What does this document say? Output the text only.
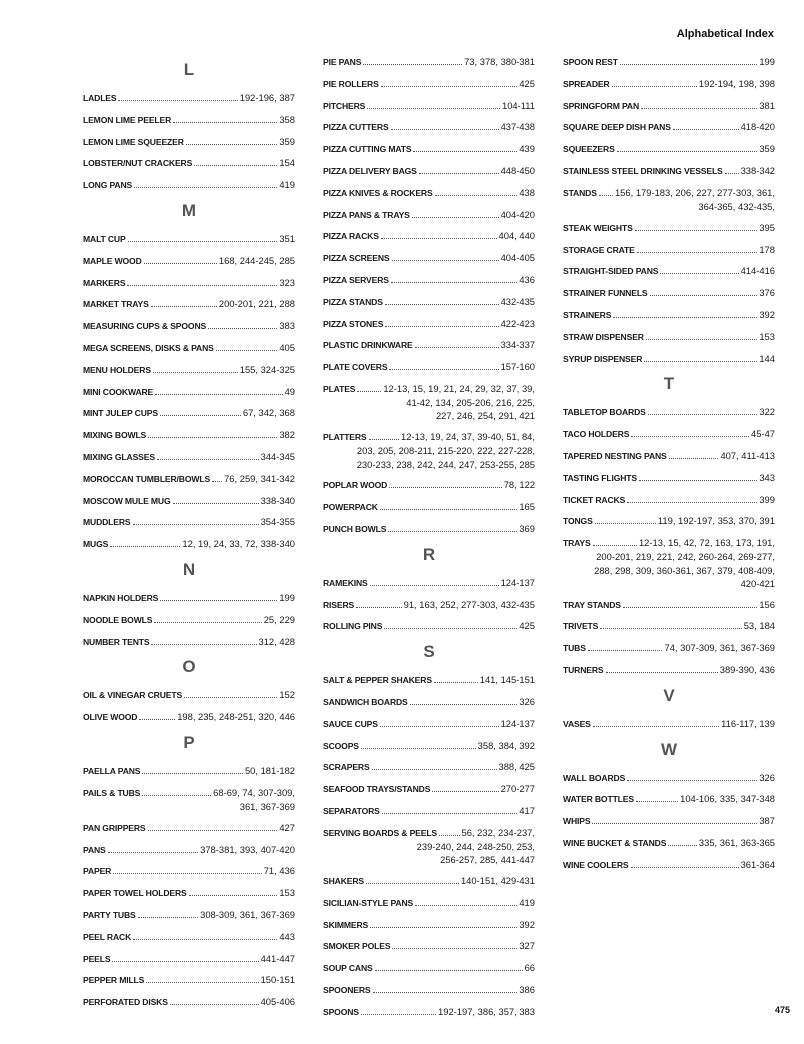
Alphabetical Index
L
LADLES	192-196, 387
LEMON LIME PEELER	358
LEMON LIME SQUEEZER	359
LOBSTER/NUT CRACKERS	154
LONG PANS	419
M
MALT CUP	351
MAPLE WOOD	168, 244-245, 285
MARKERS	323
MARKET TRAYS	200-201, 221, 288
MEASURING CUPS & SPOONS	383
MEGA SCREENS, DISKS & PANS	405
MENU HOLDERS	155, 324-325
MINI COOKWARE	49
MINT JULEP CUPS	67, 342, 368
MIXING BOWLS	382
MIXING GLASSES	344-345
MOROCCAN TUMBLER/BOWLS 76, 259, 341-342
MOSCOW MULE MUG	338-340
MUDDLERS	354-355
MUGS	12, 19, 24, 33, 72, 338-340
N
NAPKIN HOLDERS	199
NOODLE BOWLS	25, 229
NUMBER TENTS	312, 428
O
OIL & VINEGAR CRUETS	152
OLIVE WOOD	198, 235, 248-251, 320, 446
P
PAELLA PANS	50, 181-182
PAILS & TUBS	68-69, 74, 307-309,
361, 367-369
PAN GRIPPERS	427
PANS	378-381, 393, 407-420
PAPER	71, 436
PAPER TOWEL HOLDERS	153
PARTY TUBS	308-309, 361, 367-369
PEEL RACK	443
PEELS	441-447
PEPPER MILLS	150-151
PERFORATED DISKS	405-406
PIE PANS	73, 378, 380-381
PIE ROLLERS	425
PITCHERS	104-111
PIZZA CUTTERS	437-438
PIZZA CUTTING MATS	439
PIZZA DELIVERY BAGS	448-450
PIZZA KNIVES & ROCKERS	438
PIZZA PANS & TRAYS	404-420
PIZZA RACKS	404, 440
PIZZA SCREENS	404-405
PIZZA SERVERS	436
PIZZA STANDS	432-435
PIZZA STONES	422-423
PLASTIC DRINKWARE	334-337
PLATE COVERS	157-160
PLATES	12-13, 15, 19, 21, 24, 29, 32, 37, 39,
41-42, 134, 205-206, 216, 225,
227, 246, 254, 291, 421
PLATTERS	12-13, 19, 24, 37, 39-40, 51, 84,
203, 205, 208-211, 215-220, 222, 227-228,
230-233, 238, 242, 244, 247, 253-255, 285
POPLAR WOOD	78, 122
POWERPACK	165
PUNCH BOWLS	369
R
RAMEKINS	124-137
RISERS	91, 163, 252, 277-303, 432-435
ROLLING PINS	425
S
SALT & PEPPER SHAKERS	141, 145-151
SANDWICH BOARDS	326
SAUCE CUPS	124-137
SCOOPS	358, 384, 392
SCRAPERS	388, 425
SEAFOOD TRAYS/STANDS	270-277
SEPARATORS	417
SERVING BOARDS & PEELS	56, 232, 234-237,
239-240, 244, 248-250, 253,
256-257, 285, 441-447
SHAKERS	140-151, 429-431
SICILIAN-STYLE PANS	419
SKIMMERS	392
SMOKER POLES	327
SOUP CANS	66
SPOONERS	386
SPOONS	192-197, 386, 357, 383
SPOON REST	199
SPREADER	192-194, 198, 398
SPRINGFORM PAN	381
SQUARE DEEP DISH PANS	418-420
SQUEEZERS	359
STAINLESS STEEL DRINKING VESSELS 338-342
STANDS 156, 179-183, 206, 227, 277-303, 361,
364-365, 432-435,
STEAK WEIGHTS	395
STORAGE CRATE	178
STRAIGHT-SIDED PANS	414-416
STRAINER FUNNELS	376
STRAINERS	392
STRAW DISPENSER	153
SYRUP DISPENSER	144
T
TABLETOP BOARDS	322
TACO HOLDERS	45-47
TAPERED NESTING PANS	407, 411-413
TASTING FLIGHTS	343
TICKET RACKS	399
TONGS	119, 192-197, 353, 370, 391
TRAYS	12-13, 15, 42, 72, 163, 173, 191,
200-201, 219, 221, 242, 260-264, 269-277,
288, 298, 309, 360-361, 367, 379, 408-409,
420-421
TRAY STANDS	156
TRIVETS	53, 184
TUBS	74, 307-309, 361, 367-369
TURNERS	389-390, 436
V
VASES	116-117, 139
W
WALL BOARDS	326
WATER BOTTLES	104-106, 335, 347-348
WHIPS	387
WINE BUCKET & STANDS	335, 361, 363-365
WINE COOLERS	361-364
475
